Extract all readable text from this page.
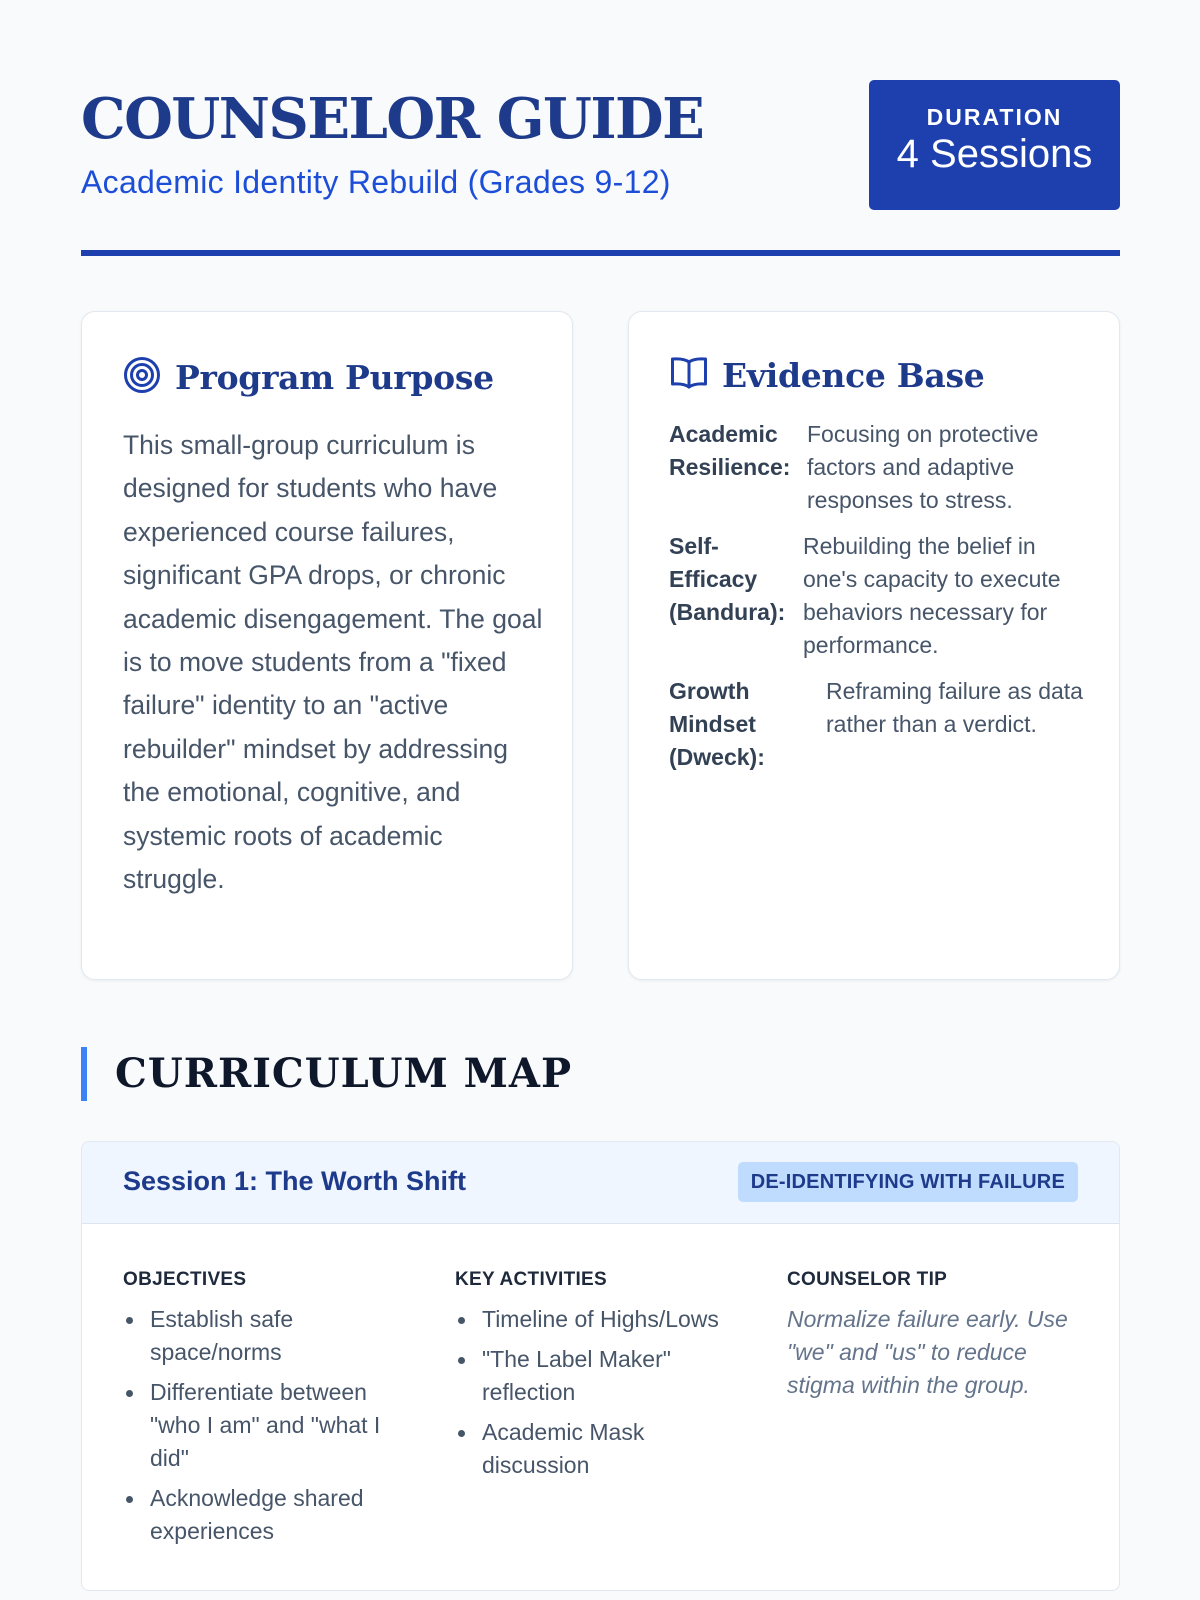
COUNSELOR GUIDE
Academic Identity Rebuild (Grades 9-12)
DURATION
4 Sessions
Program Purpose

This small-group curriculum is designed for students who have experienced course failures, significant GPA drops, or chronic academic disengagement. The goal is to move students from a "fixed failure" identity to an "active rebuilder" mindset by addressing the emotional, cognitive, and systemic roots of academic struggle.

Evidence Base
Academic Resilience:
Focusing on protective factors and adaptive responses to stress.
Self-Efficacy (Bandura):
Rebuilding the belief in one's capacity to execute behaviors necessary for performance.
Growth Mindset (Dweck):
Reframing failure as data rather than a verdict.
CURRICULUM MAP
Session 1: The Worth Shift	DE-IDENTIFYING WITH FAILURE
OBJECTIVES
Establish safe space/norms
Differentiate between "who I am" and "what I did"
Acknowledge shared experiences
KEY ACTIVITIES
Timeline of Highs/Lows
"The Label Maker" reflection
Academic Mask discussion
COUNSELOR TIP

Normalize failure early. Use "we" and "us" to reduce stigma within the group.
